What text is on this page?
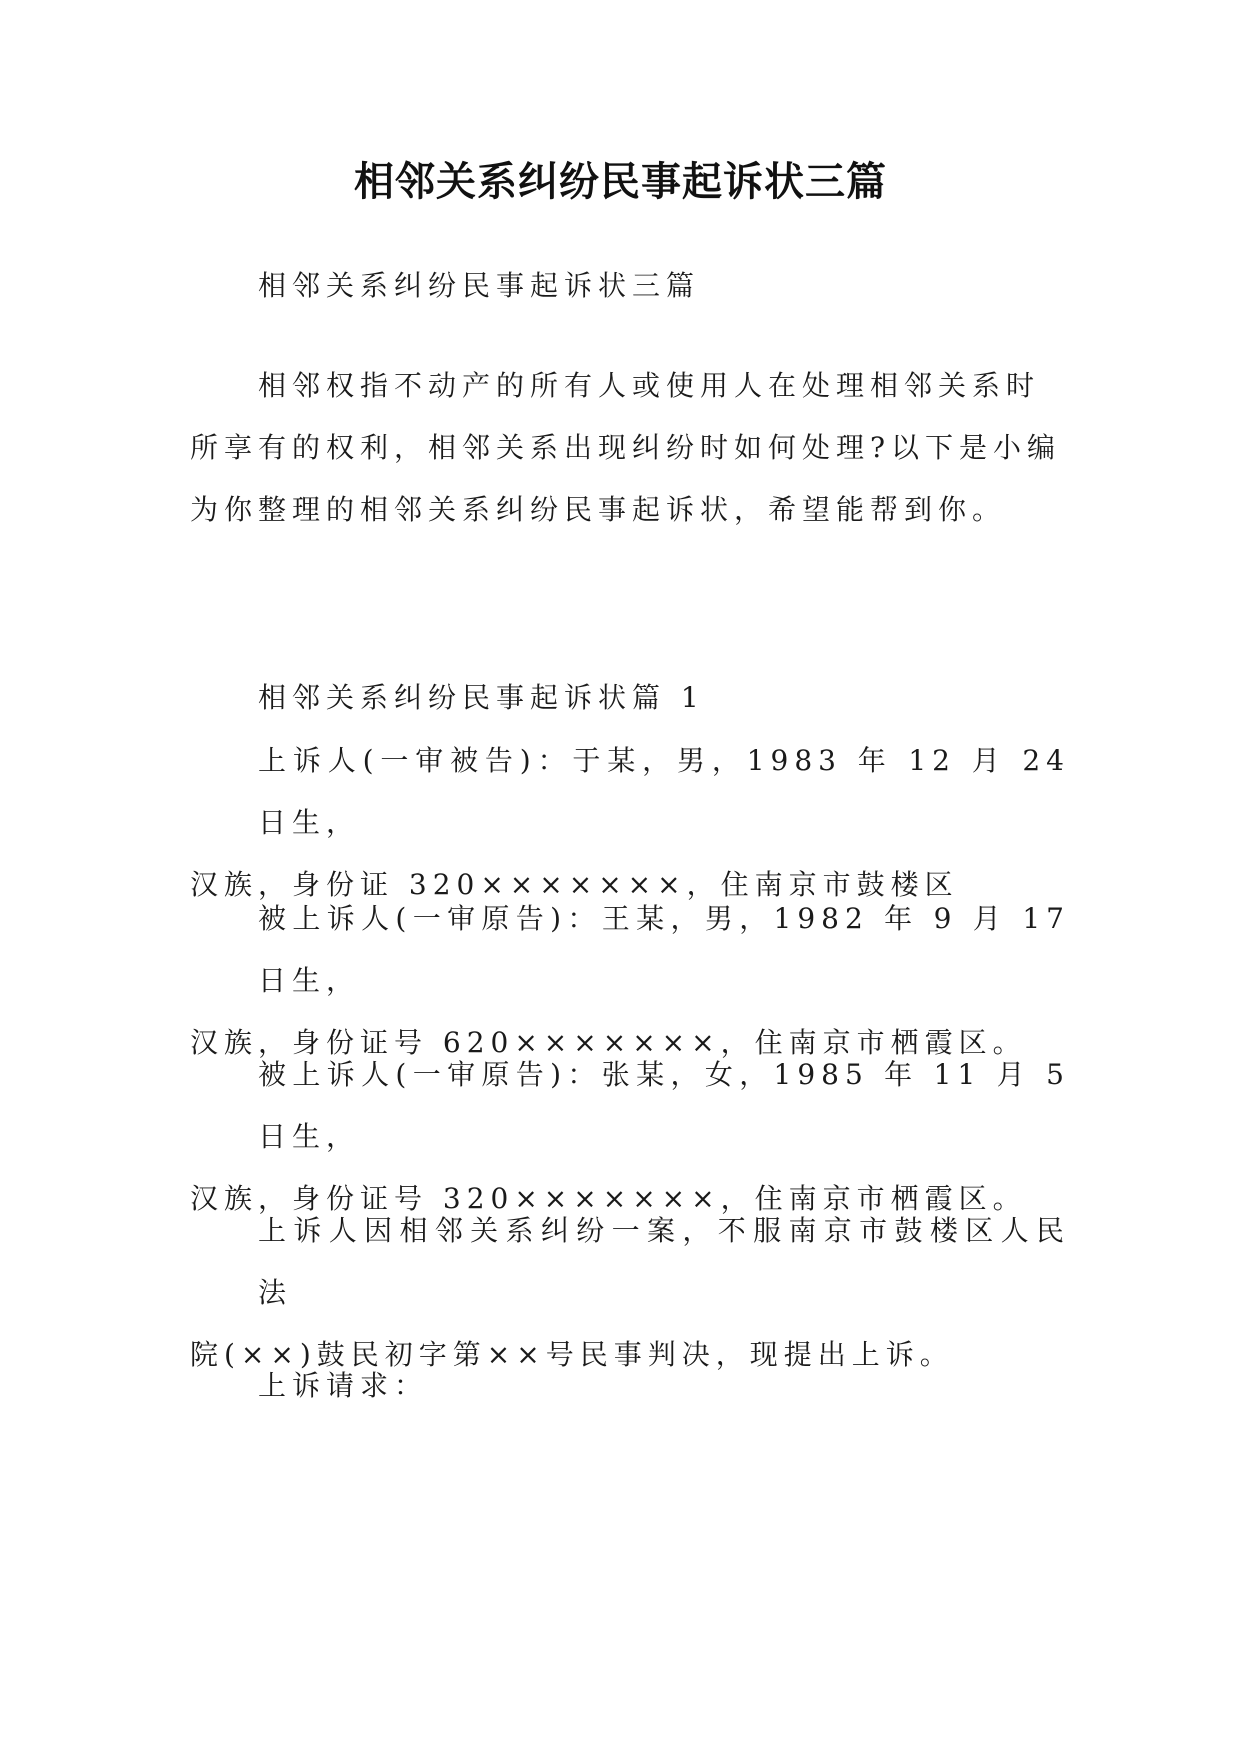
相邻关系纠纷民事起诉状三篇
相邻关系纠纷民事起诉状三篇
相邻权指不动产的所有人或使用人在处理相邻关系时
所享有的权利，相邻关系出现纠纷时如何处理?以下是小编
为你整理的相邻关系纠纷民事起诉状，希望能帮到你。
相邻关系纠纷民事起诉状篇 1
上诉人(一审被告)：于某，男，1983 年 12 月 24 日生，
汉族，身份证 320×××××××，住南京市鼓楼区
被上诉人(一审原告)：王某，男，1982 年 9 月 17 日生，
汉族，身份证号 620×××××××，住南京市栖霞区。
被上诉人(一审原告)：张某，女，1985 年 11 月 5 日生，
汉族，身份证号 320×××××××，住南京市栖霞区。
上诉人因相邻关系纠纷一案，不服南京市鼓楼区人民法
院(××)鼓民初字第××号民事判决，现提出上诉。
上诉请求：
